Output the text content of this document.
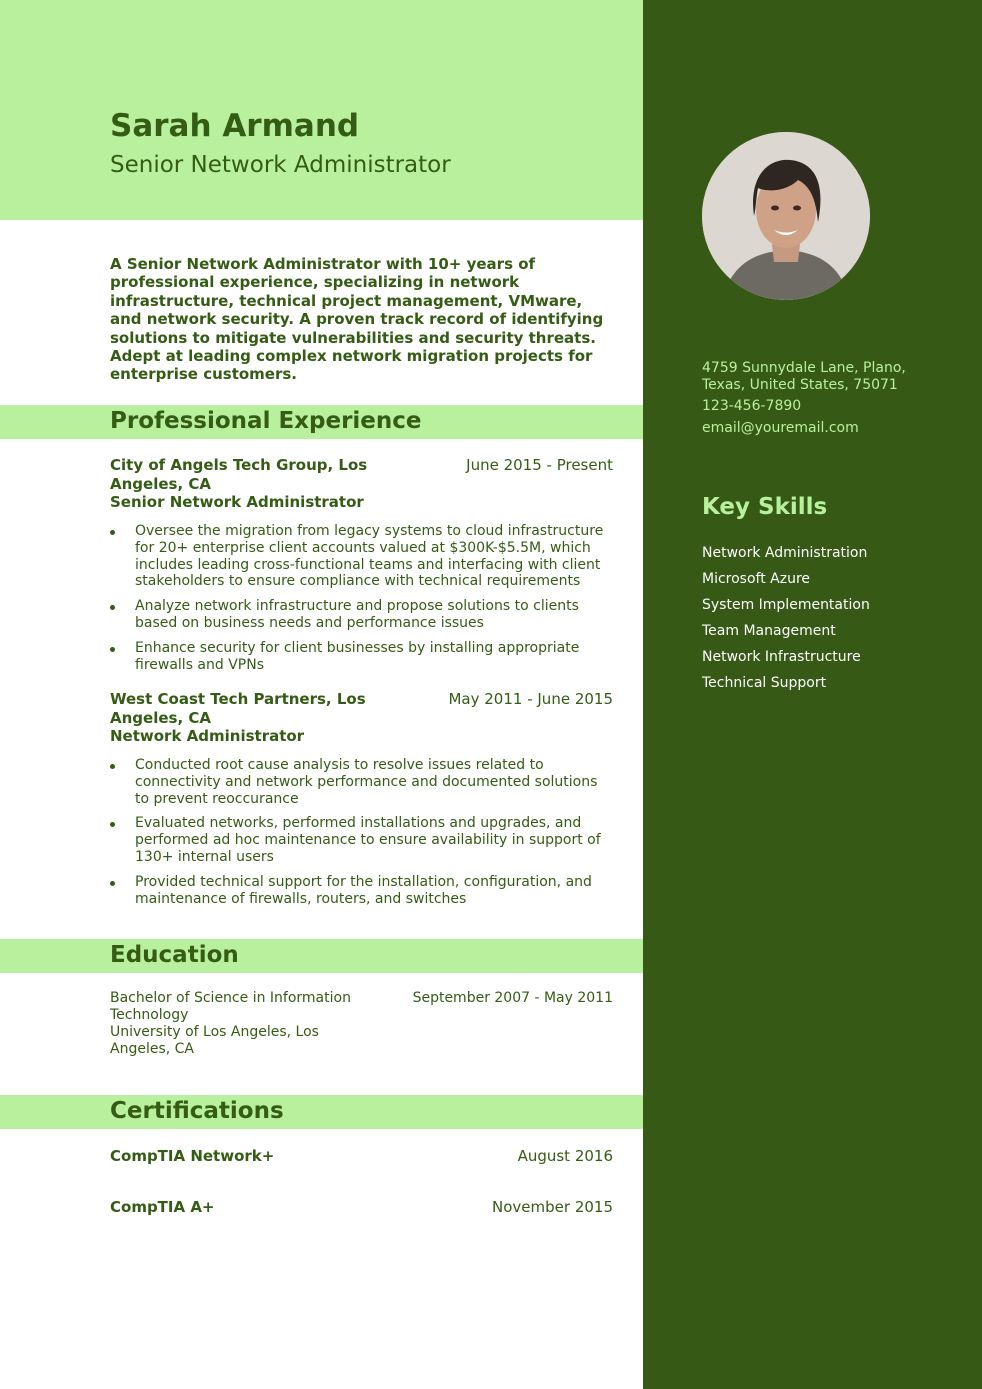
Sarah Armand
Senior Network Administrator
A Senior Network Administrator with 10+ years of professional experience, specializing in network infrastructure, technical project management, VMware, and network security. A proven track record of identifying solutions to mitigate vulnerabilities and security threats. Adept at leading complex network migration projects for enterprise customers.
Professional Experience
City of Angels Tech Group, Los Angeles, CA
Senior Network Administrator
June 2015 - Present
Oversee the migration from legacy systems to cloud infrastructure for 20+ enterprise client accounts valued at $300K-$5.5M, which includes leading cross-functional teams and interfacing with client stakeholders to ensure compliance with technical requirements
Analyze network infrastructure and propose solutions to clients based on business needs and performance issues
Enhance security for client businesses by installing appropriate firewalls and VPNs
West Coast Tech Partners, Los Angeles, CA
Network Administrator
May 2011 - June 2015
Conducted root cause analysis to resolve issues related to connectivity and network performance and documented solutions to prevent reoccurance
Evaluated networks, performed installations and upgrades, and performed ad hoc maintenance to ensure availability in support of 130+ internal users
Provided technical support for the installation, configuration, and maintenance of firewalls, routers, and switches
Education
Bachelor of Science in Information Technology
University of Los Angeles, Los Angeles, CA
September 2007 - May 2011
Certifications
CompTIA Network+	August 2016
CompTIA A+	November 2015
4759 Sunnydale Lane, Plano, Texas, United States, 75071
123-456-7890
email@youremail.com
Key Skills
Network Administration
Microsoft Azure
System Implementation
Team Management
Network Infrastructure
Technical Support
